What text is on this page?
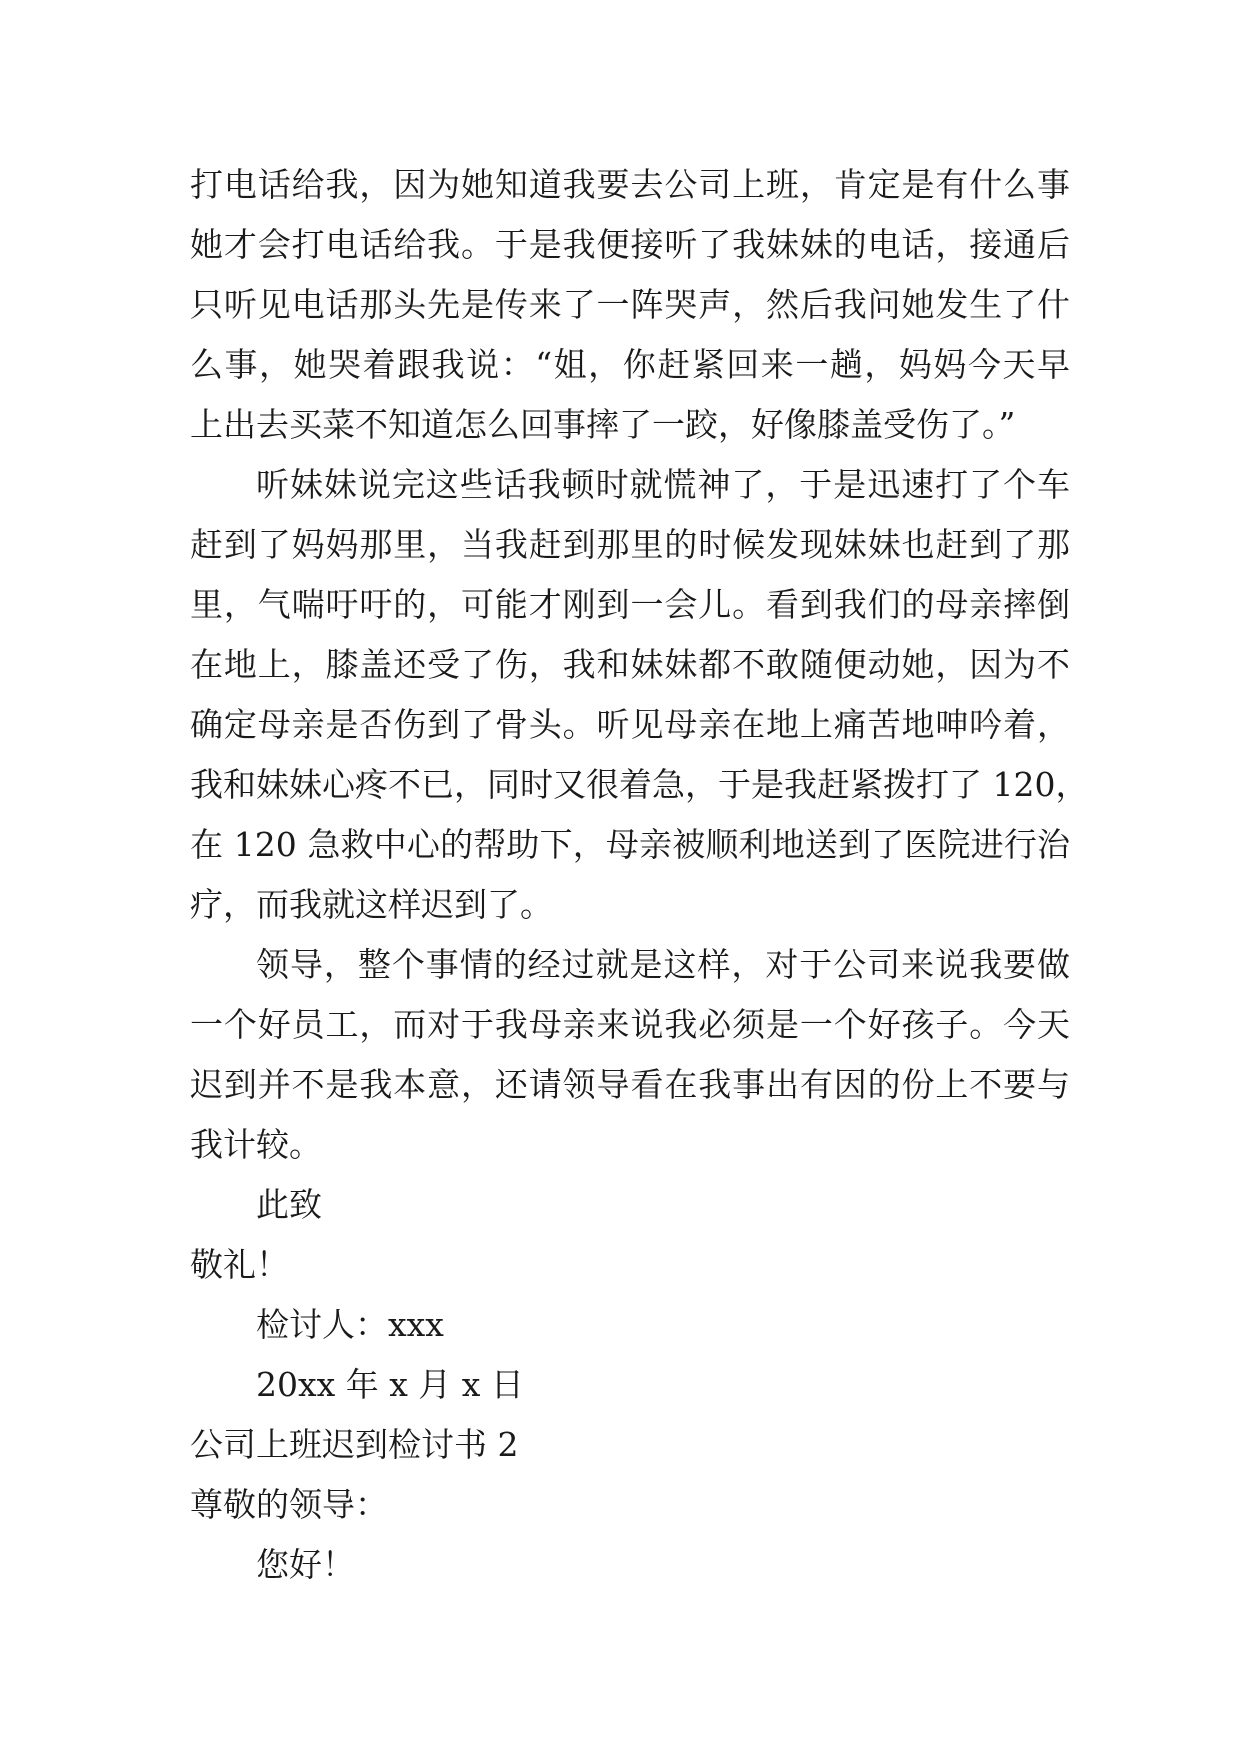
打电话给我，因为她知道我要去公司上班，肯定是有什么事
她才会打电话给我。于是我便接听了我妹妹的电话，接通后
只听见电话那头先是传来了一阵哭声，然后我问她发生了什
么事，她哭着跟我说：“姐，你赶紧回来一趟，妈妈今天早
上出去买菜不知道怎么回事摔了一跤，好像膝盖受伤了。”
听妹妹说完这些话我顿时就慌神了，于是迅速打了个车
赶到了妈妈那里，当我赶到那里的时候发现妹妹也赶到了那
里，气喘吁吁的，可能才刚到一会儿。看到我们的母亲摔倒
在地上，膝盖还受了伤，我和妹妹都不敢随便动她，因为不
确定母亲是否伤到了骨头。听见母亲在地上痛苦地呻吟着，
我和妹妹心疼不已，同时又很着急，于是我赶紧拨打了 120，
在 120 急救中心的帮助下，母亲被顺利地送到了医院进行治
疗，而我就这样迟到了。
领导，整个事情的经过就是这样，对于公司来说我要做
一个好员工，而对于我母亲来说我必须是一个好孩子。今天
迟到并不是我本意，还请领导看在我事出有因的份上不要与
我计较。
此致
敬礼！
检讨人：xxx
20xx 年 x 月 x 日
公司上班迟到检讨书 2
尊敬的领导：
您好！
